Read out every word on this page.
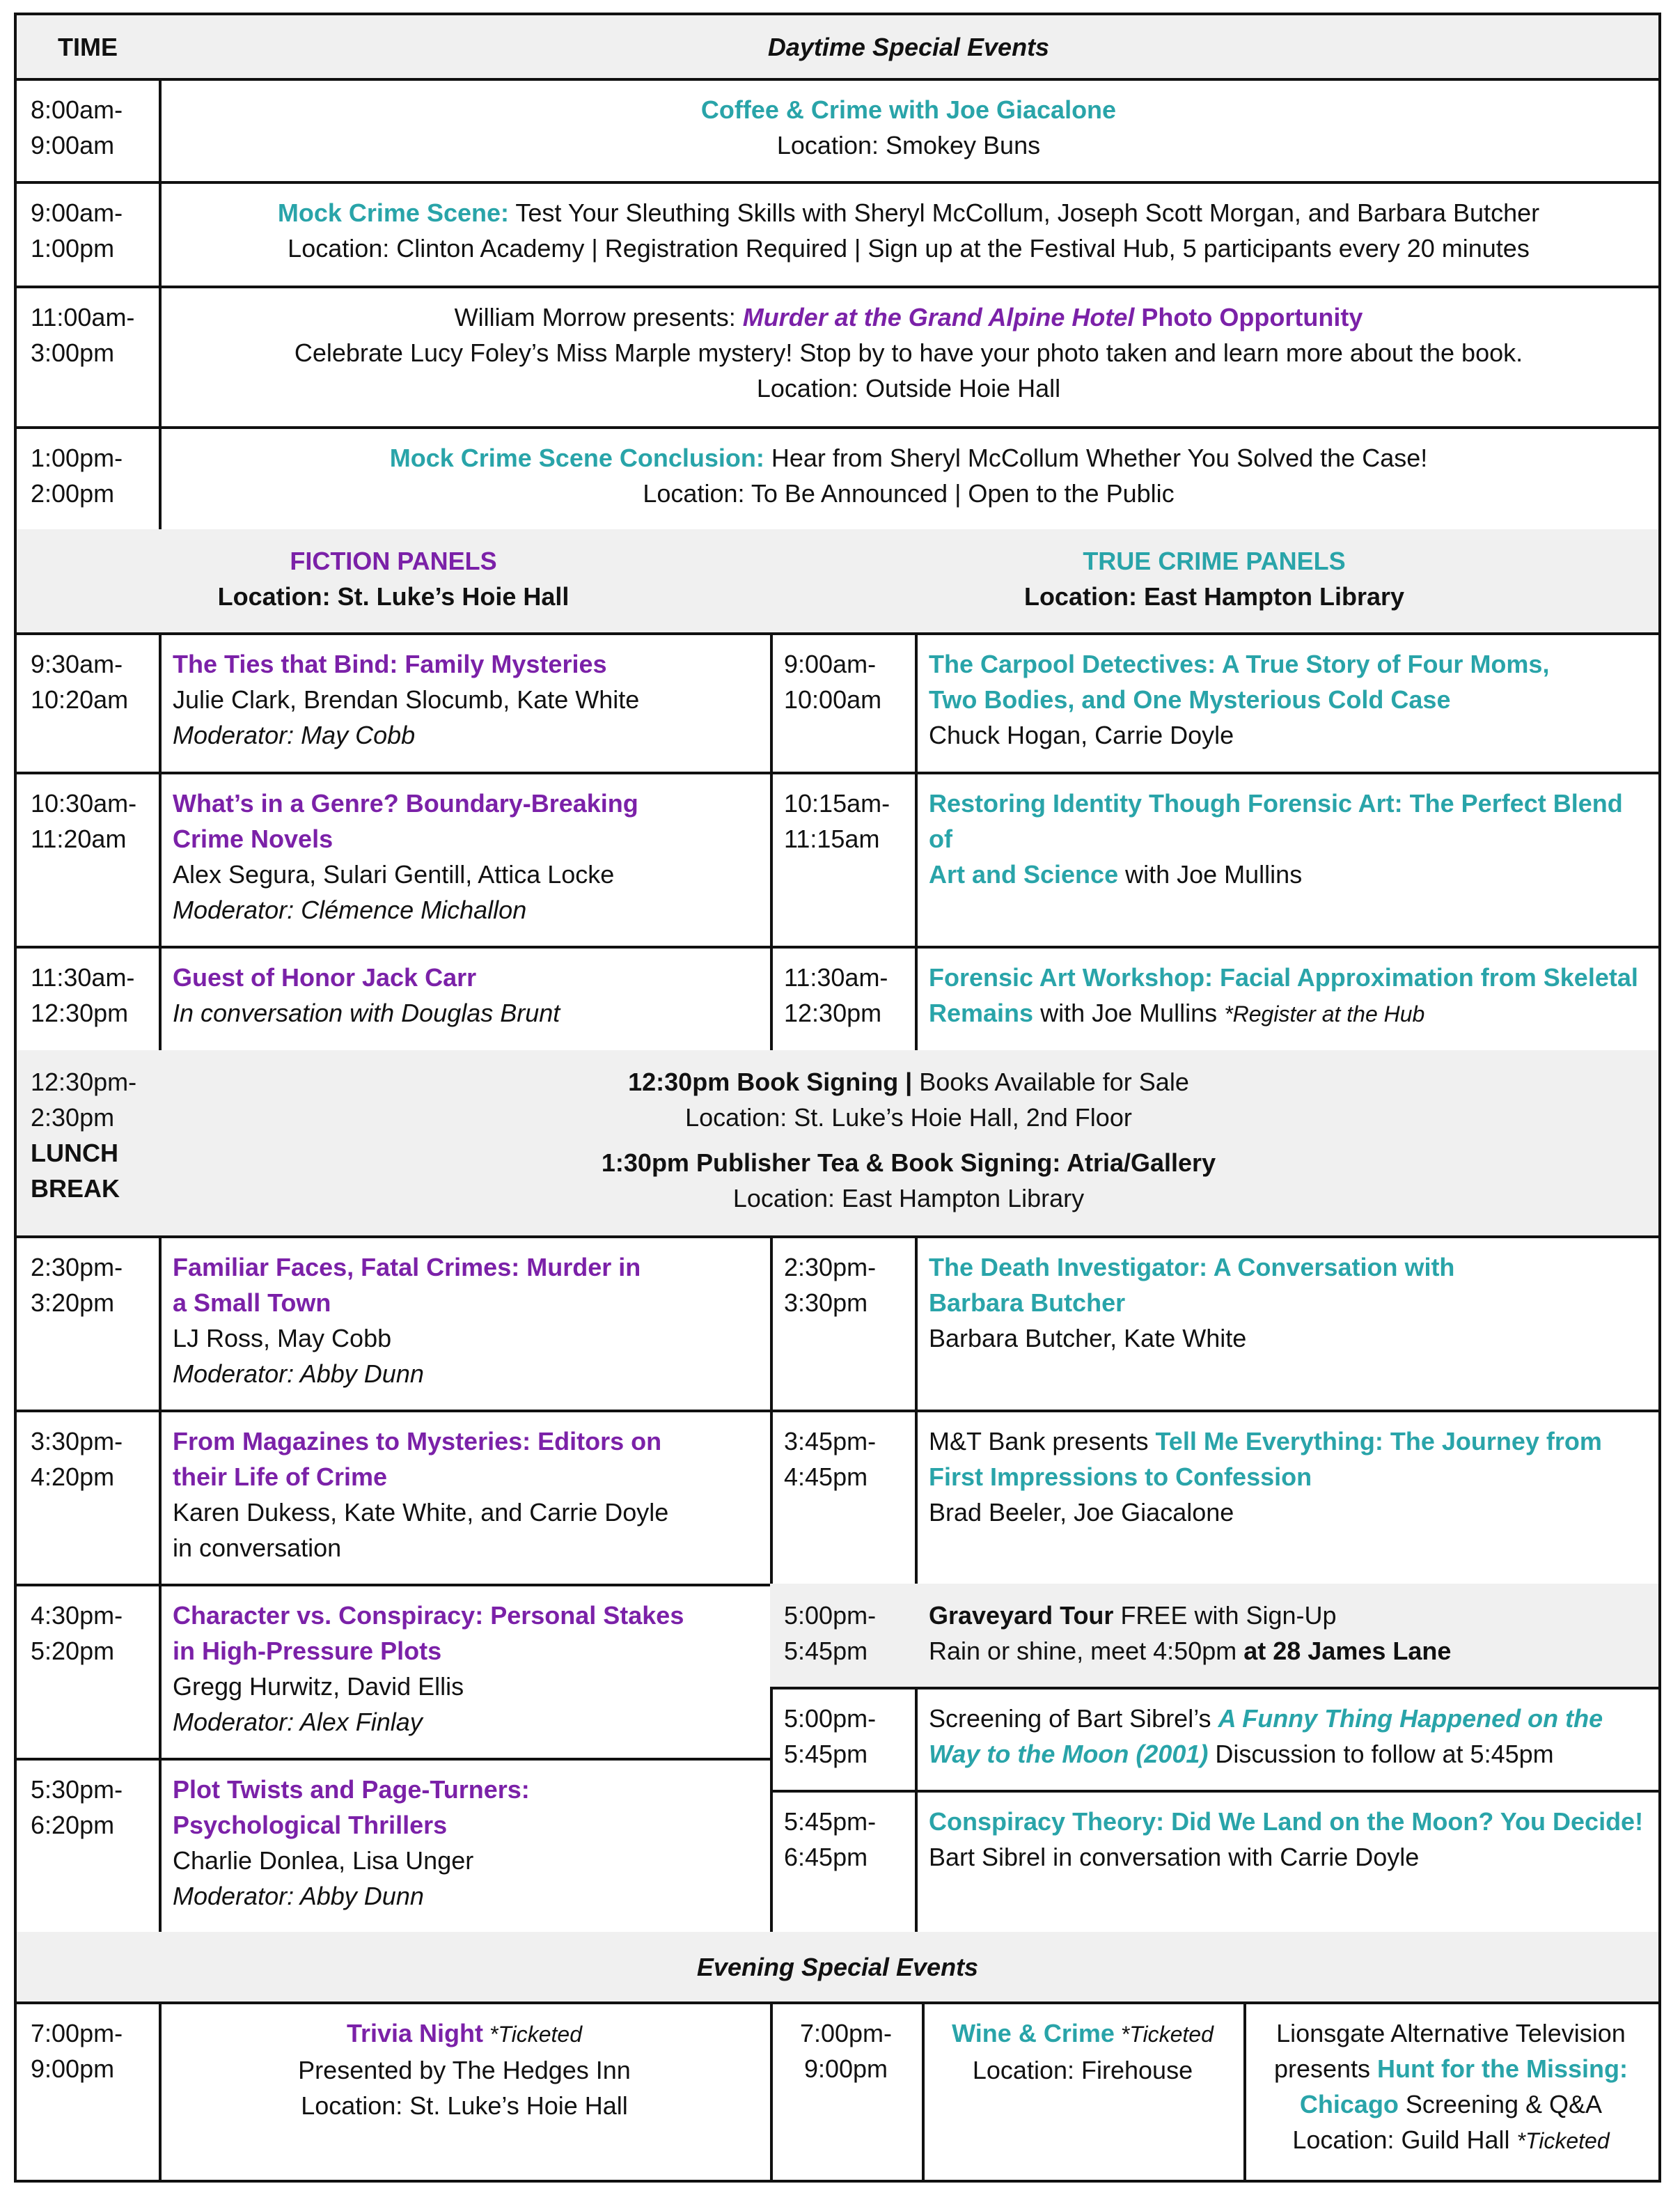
TIME	Daytime Special Events
8:00am-
9:00am
Coffee & Crime with Joe Giacalone
Location: Smokey Buns
9:00am-
1:00pm
Mock Crime Scene: Test Your Sleuthing Skills with Sheryl McCollum, Joseph Scott Morgan, and Barbara Butcher
Location: Clinton Academy | Registration Required | Sign up at the Festival Hub, 5 participants every 20 minutes
11:00am-
3:00pm
William Morrow presents: Murder at the Grand Alpine Hotel Photo Opportunity
Celebrate Lucy Foley’s Miss Marple mystery! Stop by to have your photo taken and learn more about the book.
Location: Outside Hoie Hall
1:00pm-
2:00pm
Mock Crime Scene Conclusion: Hear from Sheryl McCollum Whether You Solved the Case!
Location: To Be Announced | Open to the Public
FICTION PANELS
Location: St. Luke’s Hoie Hall
TRUE CRIME PANELS
Location: East Hampton Library
9:30am-
10:20am
The Ties that Bind: Family Mysteries
Julie Clark, Brendan Slocumb, Kate White
Moderator: May Cobb
10:30am-
11:20am
What’s in a Genre? Boundary-Breaking
Crime Novels
Alex Segura, Sulari Gentill, Attica Locke
Moderator: Clémence Michallon
11:30am-
12:30pm
Guest of Honor Jack Carr
In conversation with Douglas Brunt
9:00am-
10:00am
The Carpool Detectives: A True Story of Four Moms,
Two Bodies, and One Mysterious Cold Case
Chuck Hogan, Carrie Doyle
10:15am-
11:15am
Restoring Identity Though Forensic Art: The Perfect Blend of
Art and Science with Joe Mullins
11:30am-
12:30pm
Forensic Art Workshop: Facial Approximation from Skeletal
Remains with Joe Mullins *Register at the Hub
12:30pm-
2:30pm
LUNCH
BREAK
12:30pm Book Signing | Books Available for Sale
Location: St. Luke’s Hoie Hall, 2nd Floor
1:30pm Publisher Tea & Book Signing: Atria/Gallery
Location: East Hampton Library
2:30pm-
3:20pm
Familiar Faces, Fatal Crimes: Murder in
a Small Town
LJ Ross, May Cobb
Moderator: Abby Dunn
3:30pm-
4:20pm
From Magazines to Mysteries: Editors on
their Life of Crime
Karen Dukess, Kate White, and Carrie Doyle
in conversation
4:30pm-
5:20pm
Character vs. Conspiracy: Personal Stakes
in High-Pressure Plots
Gregg Hurwitz, David Ellis
Moderator: Alex Finlay
5:30pm-
6:20pm
Plot Twists and Page-Turners:
Psychological Thrillers
Charlie Donlea, Lisa Unger
Moderator: Abby Dunn
2:30pm-
3:30pm
The Death Investigator: A Conversation with
Barbara Butcher
Barbara Butcher, Kate White
3:45pm-
4:45pm
M&T Bank presents Tell Me Everything: The Journey from
First Impressions to Confession
Brad Beeler, Joe Giacalone
5:00pm-
5:45pm
Graveyard Tour FREE with Sign-Up
Rain or shine, meet 4:50pm at 28 James Lane
5:00pm-
5:45pm
Screening of Bart Sibrel’s A Funny Thing Happened on the
Way to the Moon (2001) Discussion to follow at 5:45pm
5:45pm-
6:45pm
Conspiracy Theory: Did We Land on the Moon? You Decide!
Bart Sibrel in conversation with Carrie Doyle
Evening Special Events
7:00pm-
9:00pm
Trivia Night *Ticketed
Presented by The Hedges Inn
Location: St. Luke’s Hoie Hall
7:00pm-
9:00pm
Wine & Crime *Ticketed
Location: Firehouse
Lionsgate Alternative Television
presents Hunt for the Missing:
Chicago Screening & Q&A
Location: Guild Hall *Ticketed
